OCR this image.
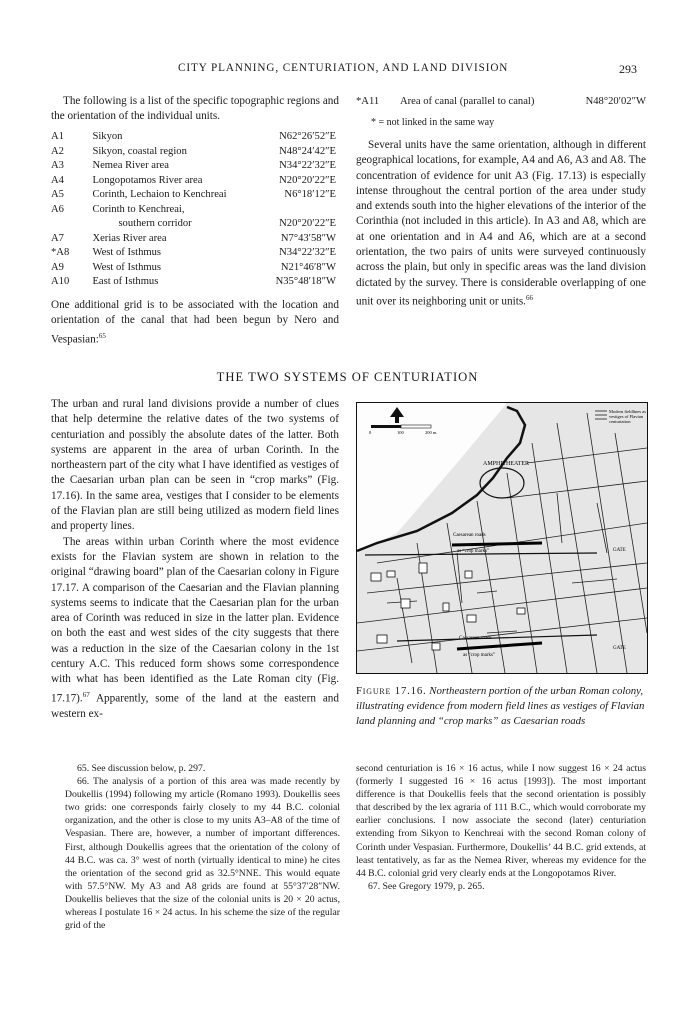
CITY PLANNING, CENTURIATION, AND LAND DIVISION	293

The following is a list of the specific topographic regions and the orientation of the individual units.

A1	Sikyon	N62°26′52″E
A2	Sikyon, coastal region	N48°24′42″E
A3	Nemea River area	N34°22′32″E
A4	Longopotamos River area	N20°20′22″E
A5	Corinth, Lechaion to Kenchreai	N6°18′12″E
A6	Corinth to Kenchreai,	
	southern corridor	N20°20′22″E
A7	Xerias River area	N7°43′58″W
*A8	West of Isthmus	N34°22′32″E
A9	West of Isthmus	N21°46′8″W
A10	East of Isthmus	N35°48′18″W

One additional grid is to be associated with the location and orientation of the canal that had been begun by Nero and Vespasian:$^{65}$

*A11 Area of canal (parallel to canal)	N48°20′02″W
* = not linked in the same way

Several units have the same orientation, although in different geographical locations, for example, A4 and A6, A3 and A8. The concentration of evidence for unit A3 (Fig. 17.13) is especially intense throughout the central portion of the area under study and extends south into the higher elevations of the interior of the Corinthia (not included in this article). In A3 and A8, which are at one orientation and in A4 and A6, which are at a second orientation, the two pairs of units were surveyed continuously across the plain, but only in specific areas was the land division dictated by the survey. There is considerable overlapping of one unit over its neighboring unit or units.$^{66}$

THE TWO SYSTEMS OF CENTURIATION

The urban and rural land divisions provide a number of clues that help determine the relative dates of the two systems of centuriation and possibly the absolute dates of the latter. Both systems are apparent in the area of urban Corinth. In the northeastern part of the city what I have identified as vestiges of the Caesarian urban plan can be seen in “crop marks” (Fig. 17.16). In the same area, vestiges that I consider to be elements of the Flavian plan are still being utilized as modern field lines and property lines.

The areas within urban Corinth where the most evidence exists for the Flavian system are shown in relation to the original “drawing board” plan of the Caesarian colony in Figure 17.17. A comparison of the Caesarian and the Flavian planning systems seems to indicate that the Caesarian plan for the urban area of Corinth was reduced in size in the latter plan. Evidence on both the east and west sides of the city suggests that there was a reduction in the size of the Caesarian colony in the 1st century A.C. This reduced form shows some correspondence with what has been identified as the Late Roman city (Fig. 17.17).$^{67}$ Apparently, some of the land at the eastern and western ex-

AMPHITHEATER
0	100	200 m.
Modern fieldlines as
vestiges of Flavian
centuriation
Caesarean roads
as “crop marks”
Caesarean roads
as “crop marks”
GATE
GATE
Figure 17.16. Northeastern portion of the urban Roman colony, illustrating evidence from modern field lines as vestiges of Flavian land planning and “crop marks” as Caesarian roads

65. See discussion below, p. 297.

66. The analysis of a portion of this area was made recently by Doukellis (1994) following my article (Romano 1993). Doukellis sees two grids: one corresponds fairly closely to my 44 B.C. colonial organization, and the other is close to my units A3–A8 of the time of Vespasian. There are, however, a number of important differences. First, although Doukellis agrees that the orientation of the colony of 44 B.C. was ca. 3° west of north (virtually identical to mine) he cites the orientation of the second grid as 32.5°NNE. This would equate with 57.5°NW. My A3 and A8 grids are found at 55°37′28″NW. Doukellis believes that the size of the colonial units is 20 × 20 actus, whereas I postulate 16 × 24 actus. In his scheme the size of the regular grid of the

second centuriation is 16 × 16 actus, while I now suggest 16 × 24 actus (formerly I suggested 16 × 16 actus [1993]). The most important difference is that Doukellis feels that the second orientation is possibly that described by the lex agraria of 111 B.C., which would corroborate my earlier conclusions. I now associate the second (later) centuriation extending from Sikyon to Kenchreai with the second Roman colony of Corinth under Vespasian. Furthermore, Doukellis’ 44 B.C. grid extends, at least tentatively, as far as the Nemea River, whereas my evidence for the 44 B.C. colonial grid very clearly ends at the Longopotamos River.

67. See Gregory 1979, p. 265.
